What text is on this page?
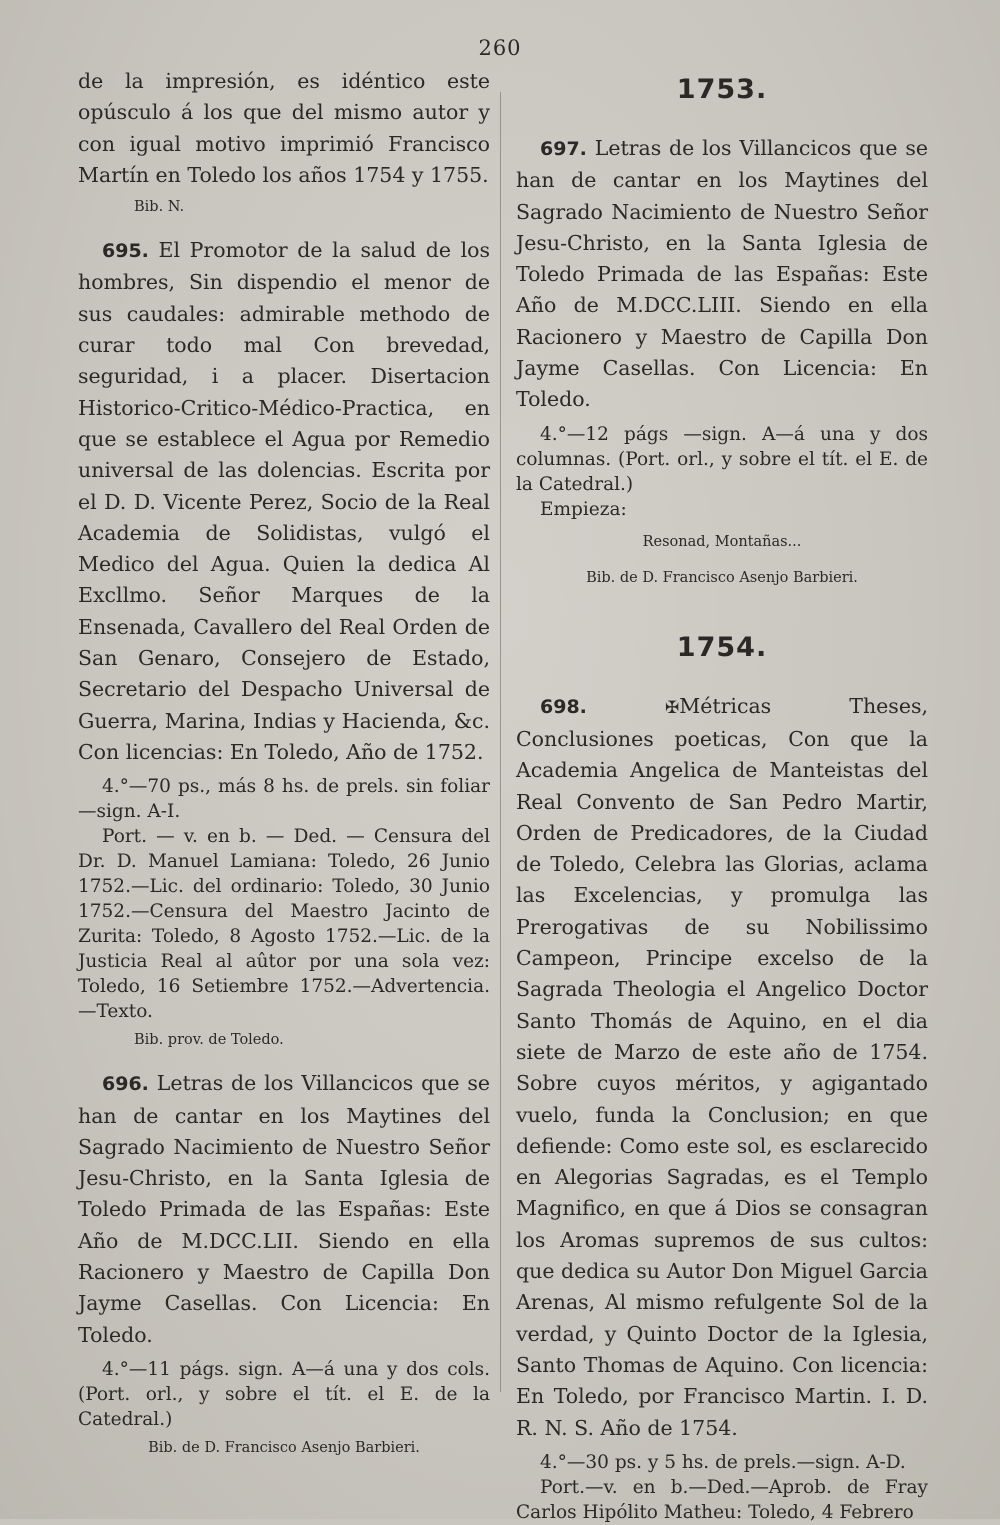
260

de la impresión, es idéntico este opúsculo á los que del mismo autor y con igual motivo imprimió Francisco Martín en Toledo los años 1754 y 1755.

Bib. N.

695. El Promotor de la salud de los hombres, Sin dispendio el menor de sus caudales: admirable methodo de curar todo mal Con brevedad, seguridad, i a placer. Disertacion Historico-Critico-Médico-Practica, en que se establece el Agua por Remedio universal de las dolencias. Escrita por el D. D. Vicente Perez, Socio de la Real Academia de Solidistas, vulgó el Medico del Agua. Quien la dedica Al Excllmo. Señor Marques de la Ensenada, Cavallero del Real Orden de San Genaro, Consejero de Estado, Secretario del Despacho Universal de Guerra, Marina, Indias y Hacienda, &c. Con licencias: En Toledo, Año de 1752.

4.°—70 ps., más 8 hs. de prels. sin foliar —sign. A-I.

Port. — v. en b. — Ded. — Censura del Dr. D. Manuel Lamiana: Toledo, 26 Junio 1752.—Lic. del ordinario: Toledo, 30 Junio 1752.—Censura del Maestro Jacinto de Zurita: Toledo, 8 Agosto 1752.—Lic. de la Justicia Real al aûtor por una sola vez: Toledo, 16 Setiembre 1752.—Advertencia.—Texto.

Bib. prov. de Toledo.

696. Letras de los Villancicos que se han de cantar en los Maytines del Sagrado Nacimiento de Nuestro Señor Jesu-Christo, en la Santa Iglesia de Toledo Primada de las Españas: Este Año de M.DCC.LII. Siendo en ella Racionero y Maestro de Capilla Don Jayme Casellas. Con Licencia: En Toledo.

4.°—11 págs. sign. A—á una y dos cols. (Port. orl., y sobre el tít. el E. de la Catedral.)

Bib. de D. Francisco Asenjo Barbieri.
1753.

697. Letras de los Villancicos que se han de cantar en los Maytines del Sagrado Nacimiento de Nuestro Señor Jesu-Christo, en la Santa Iglesia de Toledo Primada de las Españas: Este Año de M.DCC.LIII. Siendo en ella Racionero y Maestro de Capilla Don Jayme Casellas. Con Licencia: En Toledo.

4.°—12 págs —sign. A—á una y dos columnas. (Port. orl., y sobre el tít. el E. de la Catedral.)

Empieza:
Resonad, Montañas...
Bib. de D. Francisco Asenjo Barbieri.
1754.

698.	✠Métricas Theses, Conclusiones poeticas, Con que la Academia Angelica de Manteistas del Real Convento de San Pedro Martir, Orden de Predicadores, de la Ciudad de Toledo, Celebra las Glorias, aclama las Excelencias, y promulga las Prerogativas de su Nobilissimo Campeon, Principe excelso de la Sagrada Theologia el Angelico Doctor Santo Thomás de Aquino, en el dia siete de Marzo de este año de 1754. Sobre cuyos méritos, y agigantado vuelo, funda la Conclusion; en que defiende: Como este sol, es esclarecido en Alegorias Sagradas, es el Templo Magnifico, en que á Dios se consagran los Aromas supremos de sus cultos: que dedica su Autor Don Miguel Garcia Arenas, Al mismo refulgente Sol de la verdad, y Quinto Doctor de la Iglesia, Santo Thomas de Aquino. Con licencia: En Toledo, por Francisco Martin. I. D. R. N. S. Año de 1754.

4.°—30 ps. y 5 hs. de prels.—sign. A-D.

Port.—v. en b.—Ded.—Aprob. de Fray Carlos Hipólito Matheu: Toledo, 4 Febrero
